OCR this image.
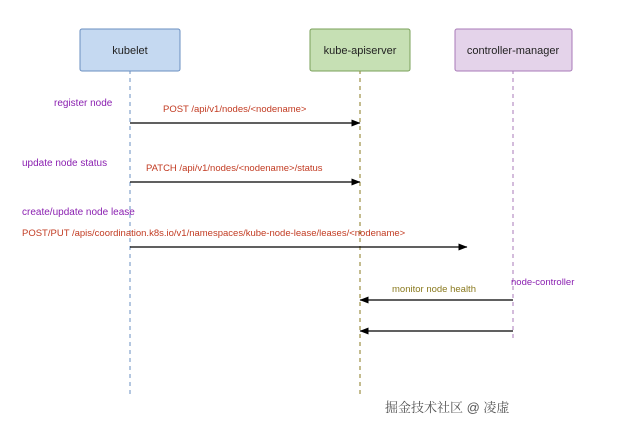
kubelet	kube-apiserver	controller-manager
register node
update node status
create/update node lease
POST /api/v1/nodes/<nodename>
PATCH /api/v1/nodes/<nodename>/status
POST/PUT /apis/coordination.k8s.io/v1/namespaces/kube-node-lease/leases/<nodename>
node-controller
monitor node health
掘金技术社区 @ 凌虚
